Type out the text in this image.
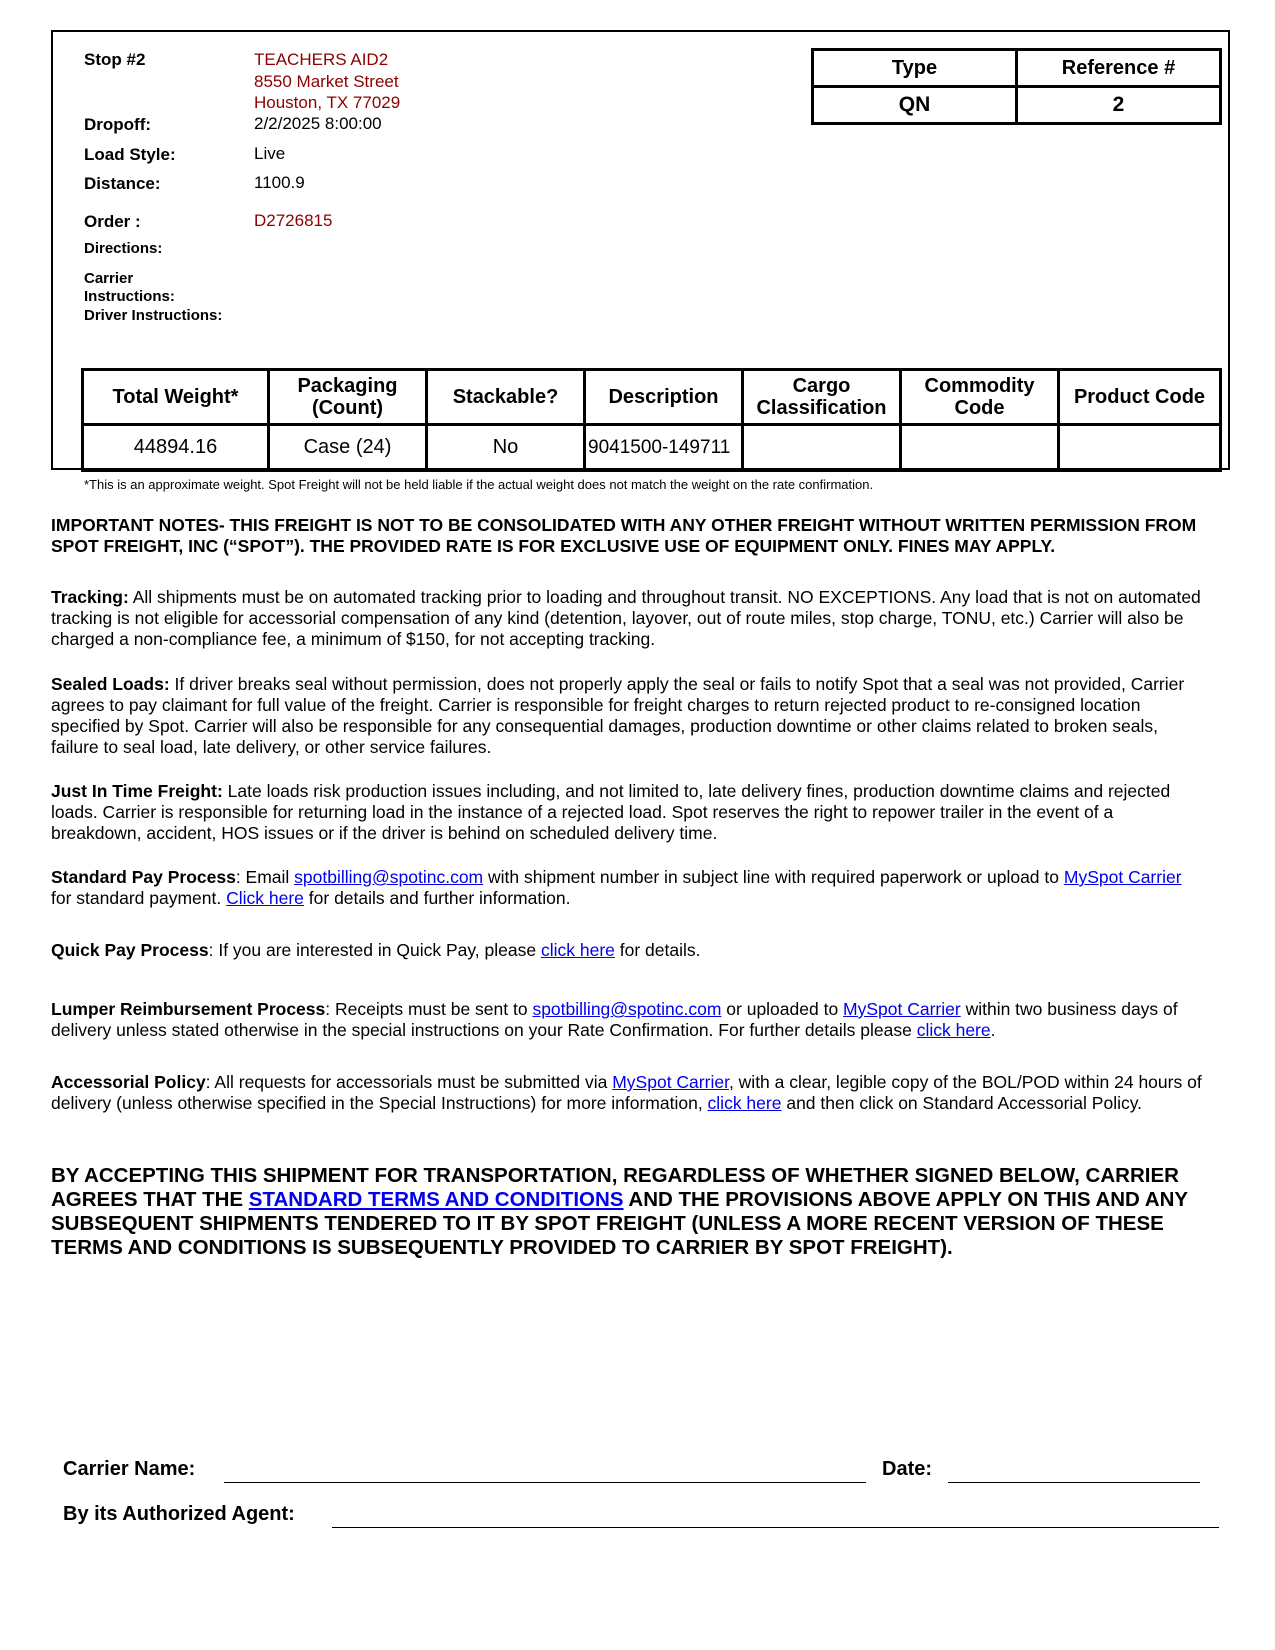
Stop #2	TEACHERS AID2
8550 Market Street
Houston, TX 77029
Dropoff:	2/2/2025 8:00:00
Load Style:	Live
Distance:	1100.9
Order :	D2726815
Directions:
Carrier
Instructions:
Driver Instructions:
Type	Reference #
QN	2
Total Weight*	Packaging (Count)	Stackable?	Description	Cargo Classification	Commodity Code	Product Code
44894.16	Case (24)	No	9041500-149711			
*This is an approximate weight. Spot Freight will not be held liable if the actual weight does not match the weight on the rate confirmation.
IMPORTANT NOTES- THIS FREIGHT IS NOT TO BE CONSOLIDATED WITH ANY OTHER FREIGHT WITHOUT WRITTEN PERMISSION FROM SPOT FREIGHT, INC (“SPOT”). THE PROVIDED RATE IS FOR EXCLUSIVE USE OF EQUIPMENT ONLY. FINES MAY APPLY.
Tracking: All shipments must be on automated tracking prior to loading and throughout transit. NO EXCEPTIONS. Any load that is not on automated tracking is not eligible for accessorial compensation of any kind (detention, layover, out of route miles, stop charge, TONU, etc.) Carrier will also be charged a non-compliance fee, a minimum of $150, for not accepting tracking.
Sealed Loads: If driver breaks seal without permission, does not properly apply the seal or fails to notify Spot that a seal was not provided, Carrier agrees to pay claimant for full value of the freight. Carrier is responsible for freight charges to return rejected product to re-consigned location specified by Spot. Carrier will also be responsible for any consequential damages, production downtime or other claims related to broken seals, failure to seal load, late delivery, or other service failures.
Just In Time Freight: Late loads risk production issues including, and not limited to, late delivery fines, production downtime claims and rejected loads. Carrier is responsible for returning load in the instance of a rejected load. Spot reserves the right to repower trailer in the event of a breakdown, accident, HOS issues or if the driver is behind on scheduled delivery time.
Standard Pay Process: Email spotbilling@spotinc.com with shipment number in subject line with required paperwork or upload to MySpot Carrier for standard payment. Click here for details and further information.
Quick Pay Process: If you are interested in Quick Pay, please click here for details.
Lumper Reimbursement Process: Receipts must be sent to spotbilling@spotinc.com or uploaded to MySpot Carrier within two business days of delivery unless stated otherwise in the special instructions on your Rate Confirmation. For further details please click here.
Accessorial Policy: All requests for accessorials must be submitted via MySpot Carrier, with a clear, legible copy of the BOL/POD within 24 hours of delivery (unless otherwise specified in the Special Instructions) for more information, click here and then click on Standard Accessorial Policy.
BY ACCEPTING THIS SHIPMENT FOR TRANSPORTATION, REGARDLESS OF WHETHER SIGNED BELOW, CARRIER AGREES THAT THE STANDARD TERMS AND CONDITIONS AND THE PROVISIONS ABOVE APPLY ON THIS AND ANY SUBSEQUENT SHIPMENTS TENDERED TO IT BY SPOT FREIGHT (UNLESS A MORE RECENT VERSION OF THESE TERMS AND CONDITIONS IS SUBSEQUENTLY PROVIDED TO CARRIER BY SPOT FREIGHT).
Carrier Name:	Date:
By its Authorized Agent:
